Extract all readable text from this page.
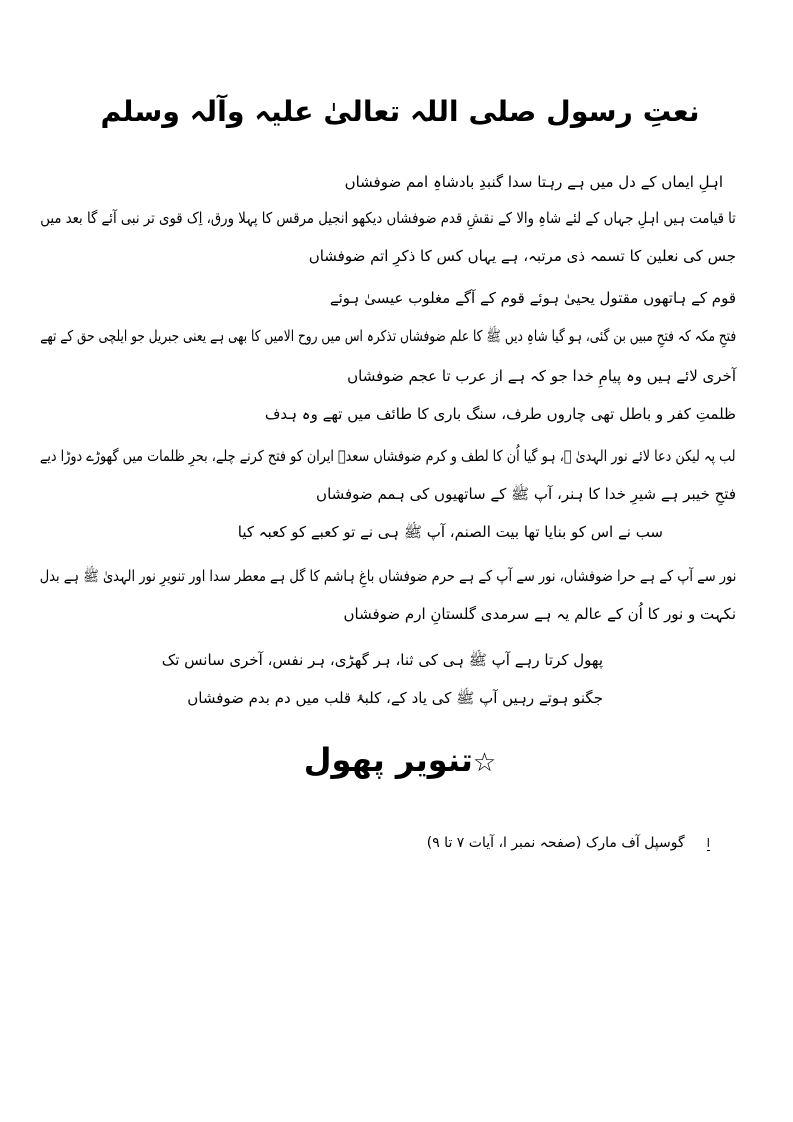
نعتِ رسول صلی اللہ تعالیٰ علیہ وآلہ وسلم
اہلِ ایماں کے دل میں ہے رہتا سدا گنبدِ بادشاہِ امم ضوفشاں
تا قیامت ہیں اہلِ جہاں کے لئے شاہِ والا کے نقشِ قدم ضوفشاں دیکھو انجیل مرقس کا پہلا ورق، اِک قوی تر نبی آئے گا بعد میں
جس کی نعلین کا تسمہ ذی مرتبہ، ہے یہاں کس کا ذکرِ اتم ضوفشاں
قوم کے ہاتھوں مقتول یحییٰ ہوئے قوم کے آگے مغلوب عیسیٰ ہوئے
فتحِ مکہ کہ فتحِ مبیں بن گئی، ہو گیا شاہِ دیں ﷺ کا علم ضوفشاں تذکرہ اس میں روح الامیں کا بھی ہے یعنی جبریل جو ایلچی حق کے تھے
آخری لائے ہیں وہ پیامِ خدا جو کہ ہے از عرب تا عجم ضوفشاں
ظلمتِ کفر و باطل تھی چاروں طرف، سنگ باری کا طائف میں تھے وہ ہدف
لب پہ لیکن دعا لائے نور الہدیٰ ﷺ، ہو گیا اُن کا لطف و کرم ضوفشاں سعدؓ ایران کو فتح کرنے چلے، بحرِ ظلمات میں گھوڑے دوڑا دیے
فتحِ خیبر ہے شیرِ خدا کا ہنر، آپ ﷺ کے ساتھیوں کی ہمم ضوفشاں
سب نے اس کو بنایا تھا بیت الصنم، آپ ﷺ ہی نے تو کعبے کو کعبہ کیا
نور سے آپ کے ہے حرا ضوفشاں، نور سے آپ کے ہے حرم ضوفشاں باغِ ہاشم کا گل ہے معطر سدا اور تنویرِ نور الہدیٰ ﷺ ہے بدل
نکہت و نور کا اُن کے عالم یہ ہے سرمدی گلستانِ ارم ضوفشاں
پھول کرتا رہے آپ ﷺ ہی کی ثنا، ہر گھڑی، ہر نفس، آخری سانس تک
جگنو ہوتے رہیں آپ ﷺ کی یاد کے، کلبۂ قلب میں دم بدم ضوفشاں
☆تنویر پھول
اگوسپل آف مارک (صفحہ نمبر ا، آیات ۷ تا ۹)
